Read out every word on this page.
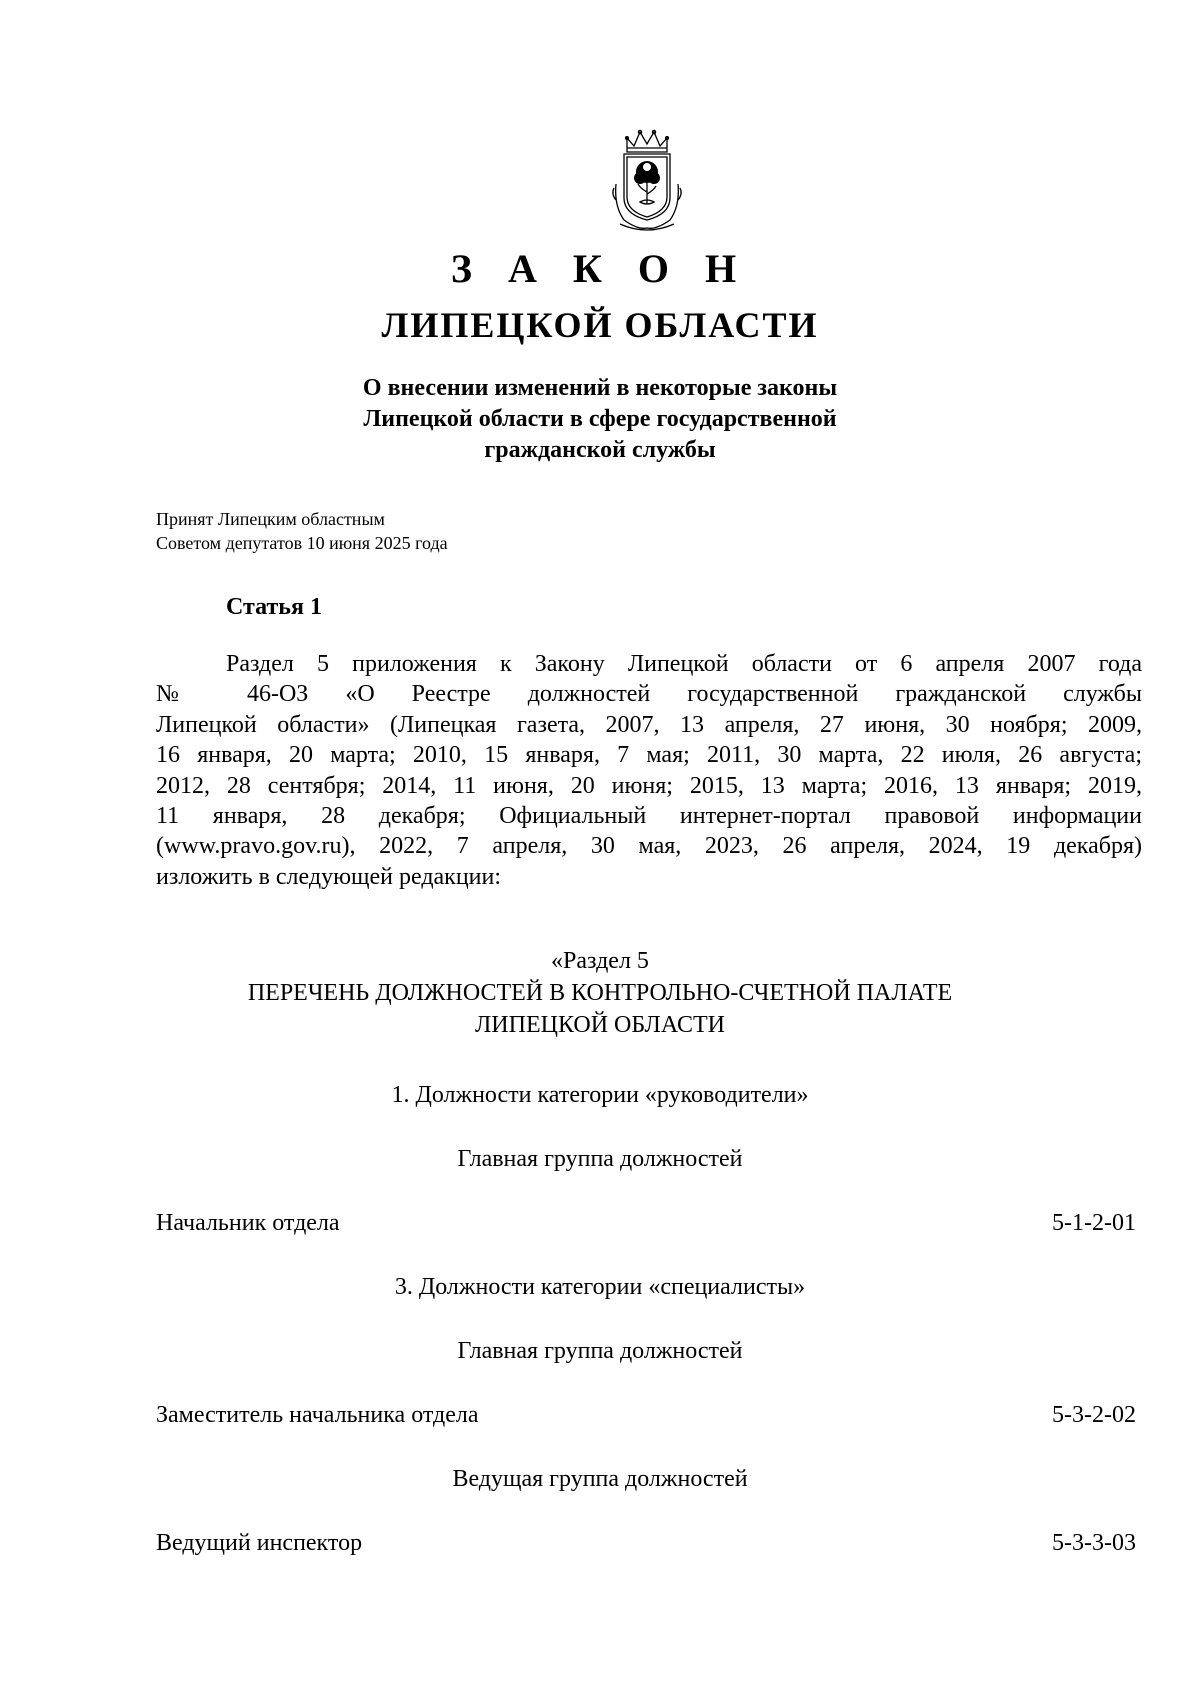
З А К О Н
ЛИПЕЦКОЙ ОБЛАСТИ
О внесении изменений в некоторые законы
Липецкой области в сфере государственной
гражданской службы
Принят Липецким областным
Советом депутатов 10 июня 2025 года
Статья 1
Раздел 5 приложения к Закону Липецкой области от 6 апреля 2007 года
№ 46-ОЗ «О Реестре должностей государственной гражданской службы
Липецкой области» (Липецкая газета, 2007, 13 апреля, 27 июня, 30 ноября; 2009,
16 января, 20 марта; 2010, 15 января, 7 мая; 2011, 30 марта, 22 июля, 26 августа;
2012, 28 сентября; 2014, 11 июня, 20 июня; 2015, 13 марта; 2016, 13 января; 2019,
11 января, 28 декабря; Официальный интернет-портал правовой информации
(www.pravo.gov.ru), 2022, 7 апреля, 30 мая, 2023, 26 апреля, 2024, 19 декабря)
изложить в следующей редакции:
«Раздел 5
ПЕРЕЧЕНЬ ДОЛЖНОСТЕЙ В КОНТРОЛЬНО-СЧЕТНОЙ ПАЛАТЕ
ЛИПЕЦКОЙ ОБЛАСТИ
1. Должности категории «руководители»
Главная группа должностей
Начальник отдела	5-1-2-01
3. Должности категории «специалисты»
Главная группа должностей
Заместитель начальника отдела	5-3-2-02
Ведущая группа должностей
Ведущий инспектор	5-3-3-03
